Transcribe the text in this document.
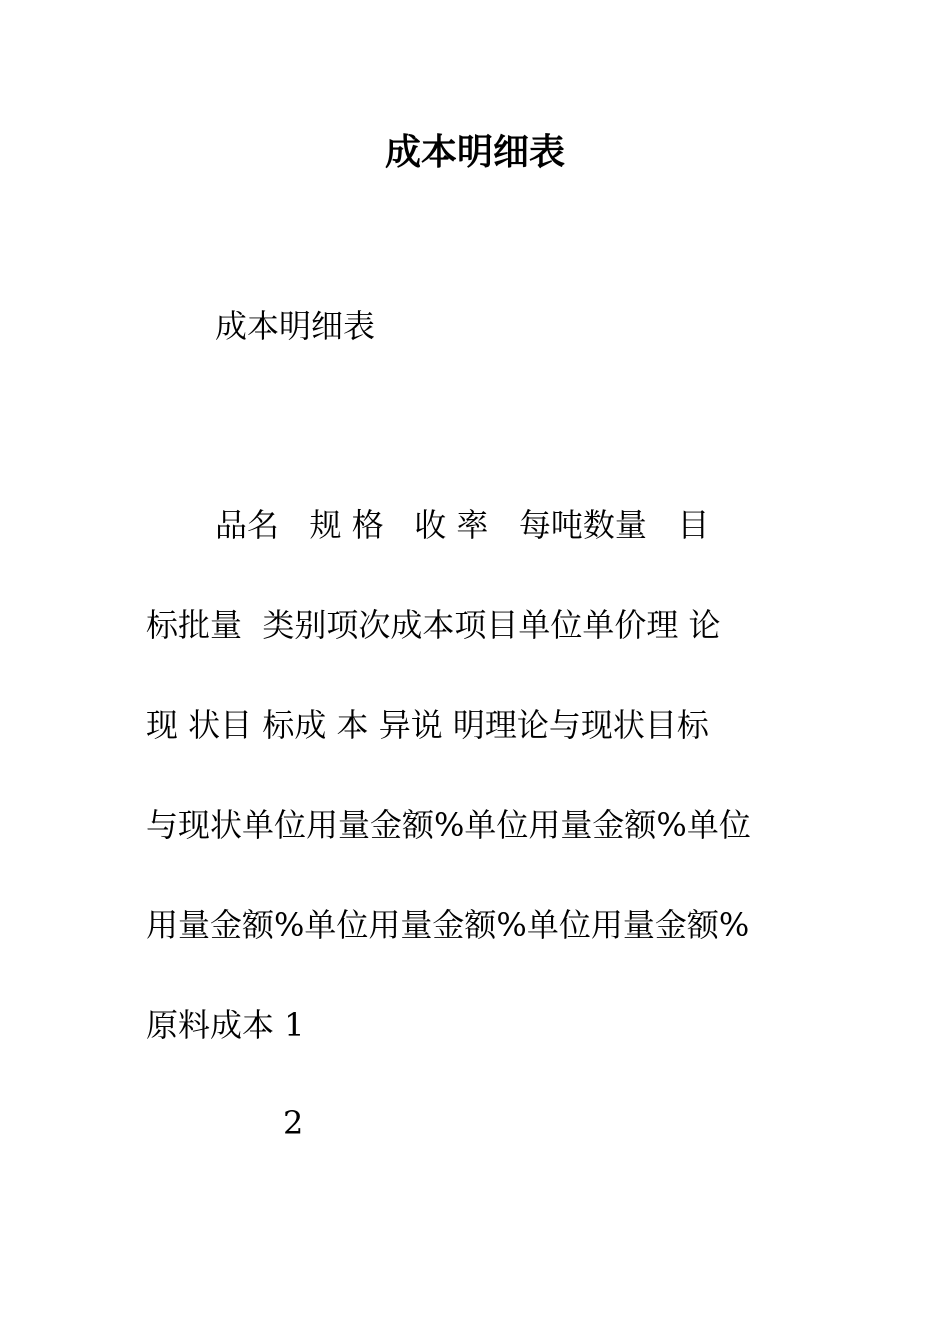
成本明细表

成本明细表

品名   规 格   收 率   每吨数量   目

标批量  类别项次成本项目单位单价理 论

现 状目 标成 本 异说 明理论与现状目标

与现状单位用量金额%单位用量金额%单位

用量金额%单位用量金额%单位用量金额%

原料成本 1

2
